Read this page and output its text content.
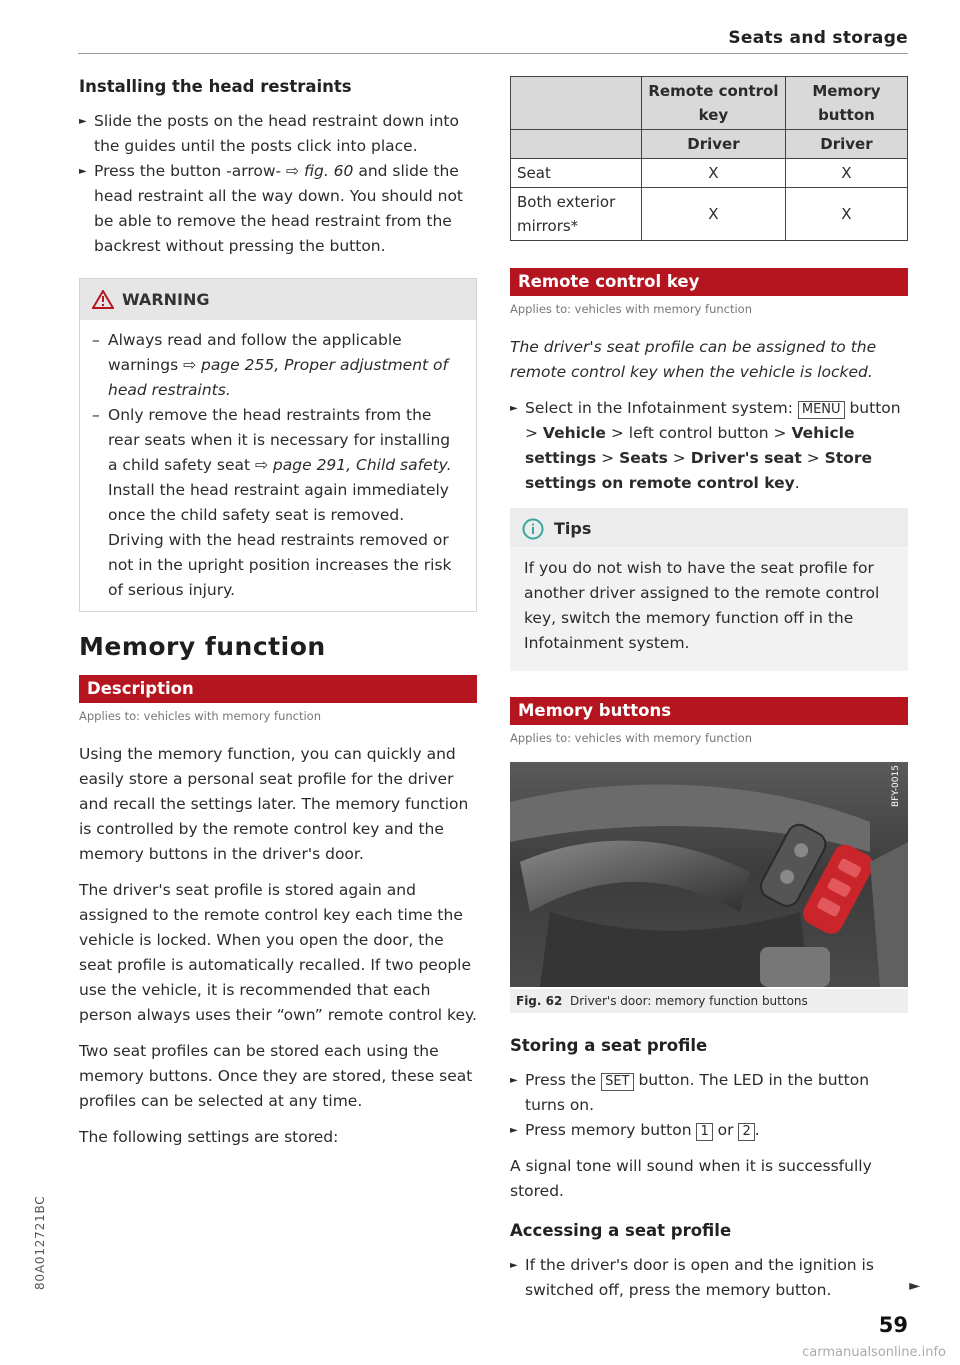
Seats and storage
Installing the head restraints

► Slide the posts on the head restraint down into the guides until the posts click into place.

► Press the button -arrow- ⇨ fig. 60 and slide the head restraint all the way down. You should not be able to remove the head restraint from the backrest without pressing the button.

WARNING

– Always read and follow the applicable warnings ⇨ page 255, Proper adjustment of head restraints.

– Only remove the head restraints from the rear seats when it is necessary for installing a child safety seat ⇨ page 291, Child safety. Install the head restraint again immediately once the child safety seat is removed. Driving with the head restraints removed or not in the upright position increases the risk of serious injury.

Memory function
Description
Applies to: vehicles with memory function

Using the memory function, you can quickly and easily store a personal seat profile for the driver and recall the settings later. The memory function is controlled by the remote control key and the memory buttons in the driver's door.

The driver's seat profile is stored again and assigned to the remote control key each time the vehicle is locked. When you open the door, the seat profile is automatically recalled. If two people use the vehicle, it is recommended that each person always uses their “own” remote control key.

Two seat profiles can be stored each using the memory buttons. Once they are stored, these seat profiles can be selected at any time.

The following settings are stored:

	Remote control key	Memory button
	Driver	Driver
Seat	X	X
Both exterior mirrors*	X	X
Remote control key
Applies to: vehicles with memory function

The driver's seat profile can be assigned to the remote control key when the vehicle is locked.

► Select in the Infotainment system: MENU button > Vehicle > left control button > Vehicle settings > Seats > Driver's seat > Store settings on remote control key.

Tips

If you do not wish to have the seat profile for another driver assigned to the remote control key, switch the memory function off in the Infotainment system.

Memory buttons
Applies to: vehicles with memory function
BFY-0015
Fig. 62 Driver's door: memory function buttons
Storing a seat profile

► Press the SET button. The LED in the button turns on.

► Press memory button 1 or 2 .

A signal tone will sound when it is successfully stored.

Accessing a seat profile

► If the driver's door is open and the ignition is switched off, press the memory button.

80A012721BC	►
59
carmanualsonline.info
